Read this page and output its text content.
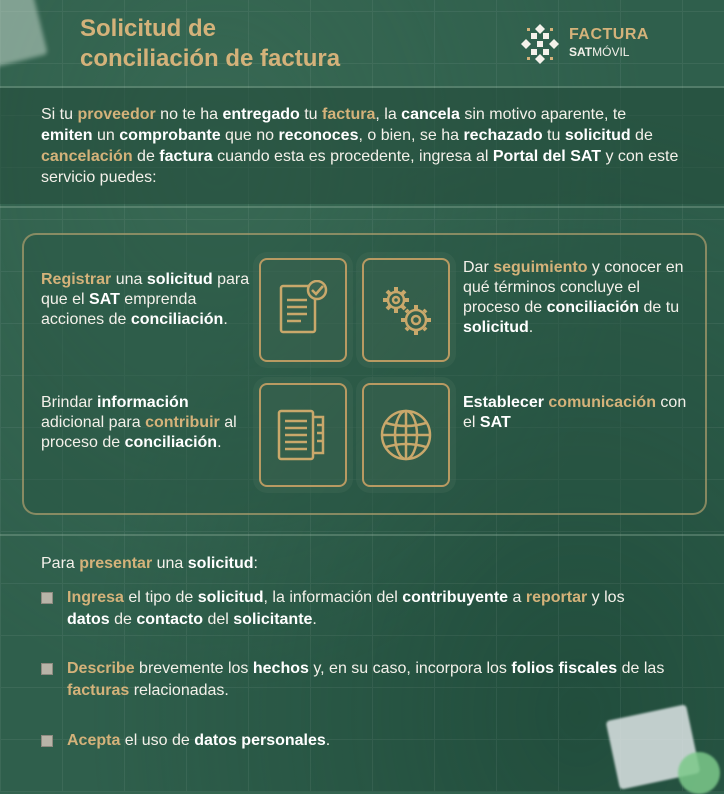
Solicitud de
conciliación de factura
FACTURA
SATMÓVIL

Si tu proveedor no te ha entregado tu factura, la cancela sin motivo aparente, te emiten un comprobante que no reconoces, o bien, se ha rechazado tu solicitud de cancelación de factura cuando esta es procedente, ingresa al Portal del SAT y con este servicio puedes:

Registrar una solicitud para que el SAT emprenda acciones de conciliación.
Dar seguimiento y conocer en qué términos concluye el proceso de conciliación de tu solicitud.
Brindar información adicional para contribuir al proceso de conciliación.
Establecer comunicación con el SAT
Para presentar una solicitud:
Ingresa el tipo de solicitud, la información del contribuyente a reportar y los datos de contacto del solicitante.
Describe brevemente los hechos y, en su caso, incorpora los folios fiscales de las facturas relacionadas.
Acepta el uso de datos personales.
